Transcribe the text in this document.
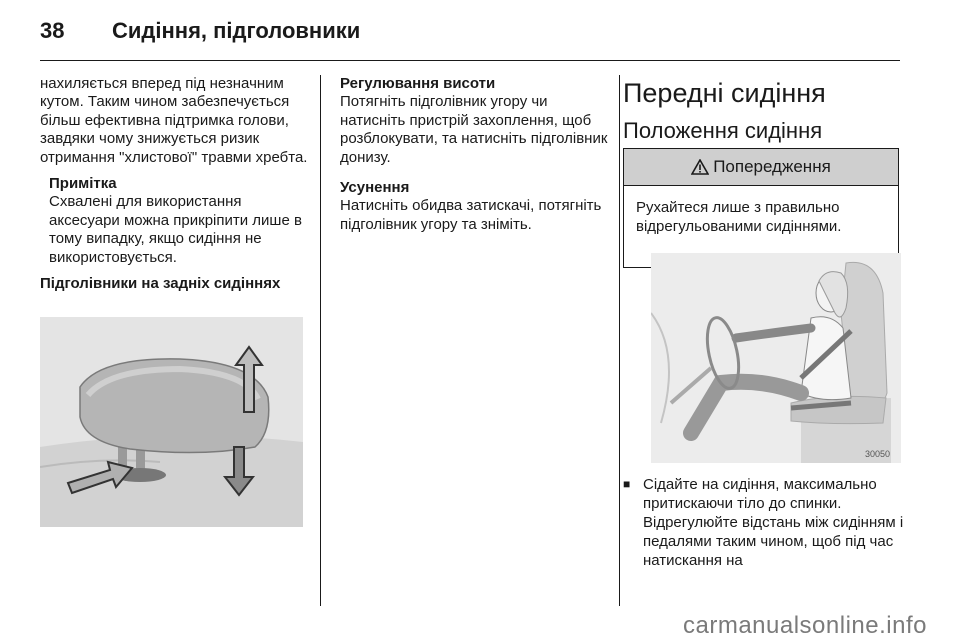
38 Сидіння, підголовники

нахиляється вперед під незначним кутом. Таким чином забезпечується більш ефективна підтримка голови, завдяки чому знижується ризик отримання "хлистової" травми хребта.

Примітка
Схвалені для використання аксесуари можна прикріпити лише в тому випадку, якщо сидіння не використовується.
Підголівники на задніх сидіннях
Регулювання висоти

Потягніть підголівник угору чи натисніть пристрій захоплення, щоб розблокувати, та натисніть підголівник донизу.

Усунення

Натисніть обидва затискачі, потягніть підголівник угору та зніміть.

Передні сидіння
Положення сидіння
Попередження
Рухайтеся лише з правильно відрегульованими сидіннями.
30050
■ Сідайте на сидіння, максимально притискаючи тіло до спинки. Відрегулюйте відстань між сидінням і педалями таким чином, щоб під час натискання на
carmanualsonline.info
